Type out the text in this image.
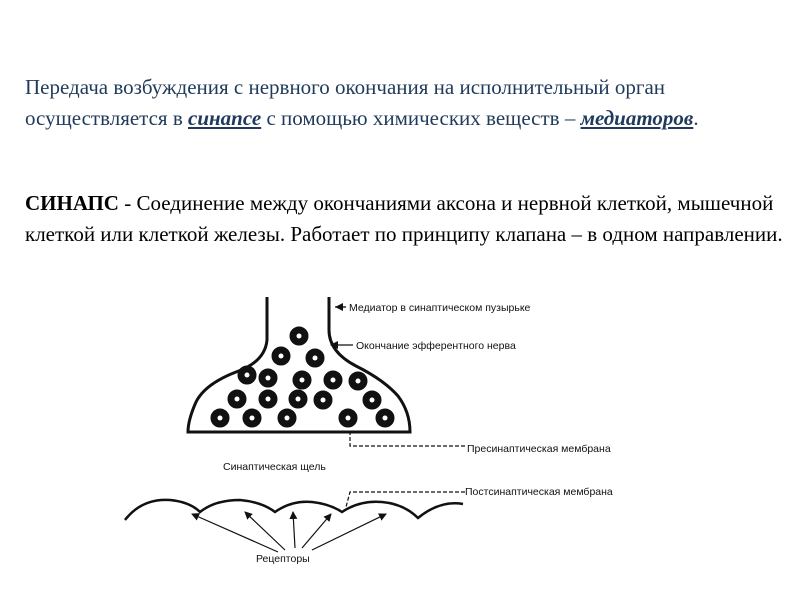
Передача возбуждения с нервного окончания на исполнительный орган осуществляется в синапсе с помощью химических веществ – медиаторов.

СИНАПС - Соединение между окончаниями аксона и нервной клеткой, мышечной клеткой или клеткой железы. Работает по принципу клапана – в одном направлении.

Медиатор в синаптическом пузырьке
Окончание эфферентного нерва
Пресинаптическая мембрана
Синаптическая щель
Постсинаптическая мембрана
Рецепторы
